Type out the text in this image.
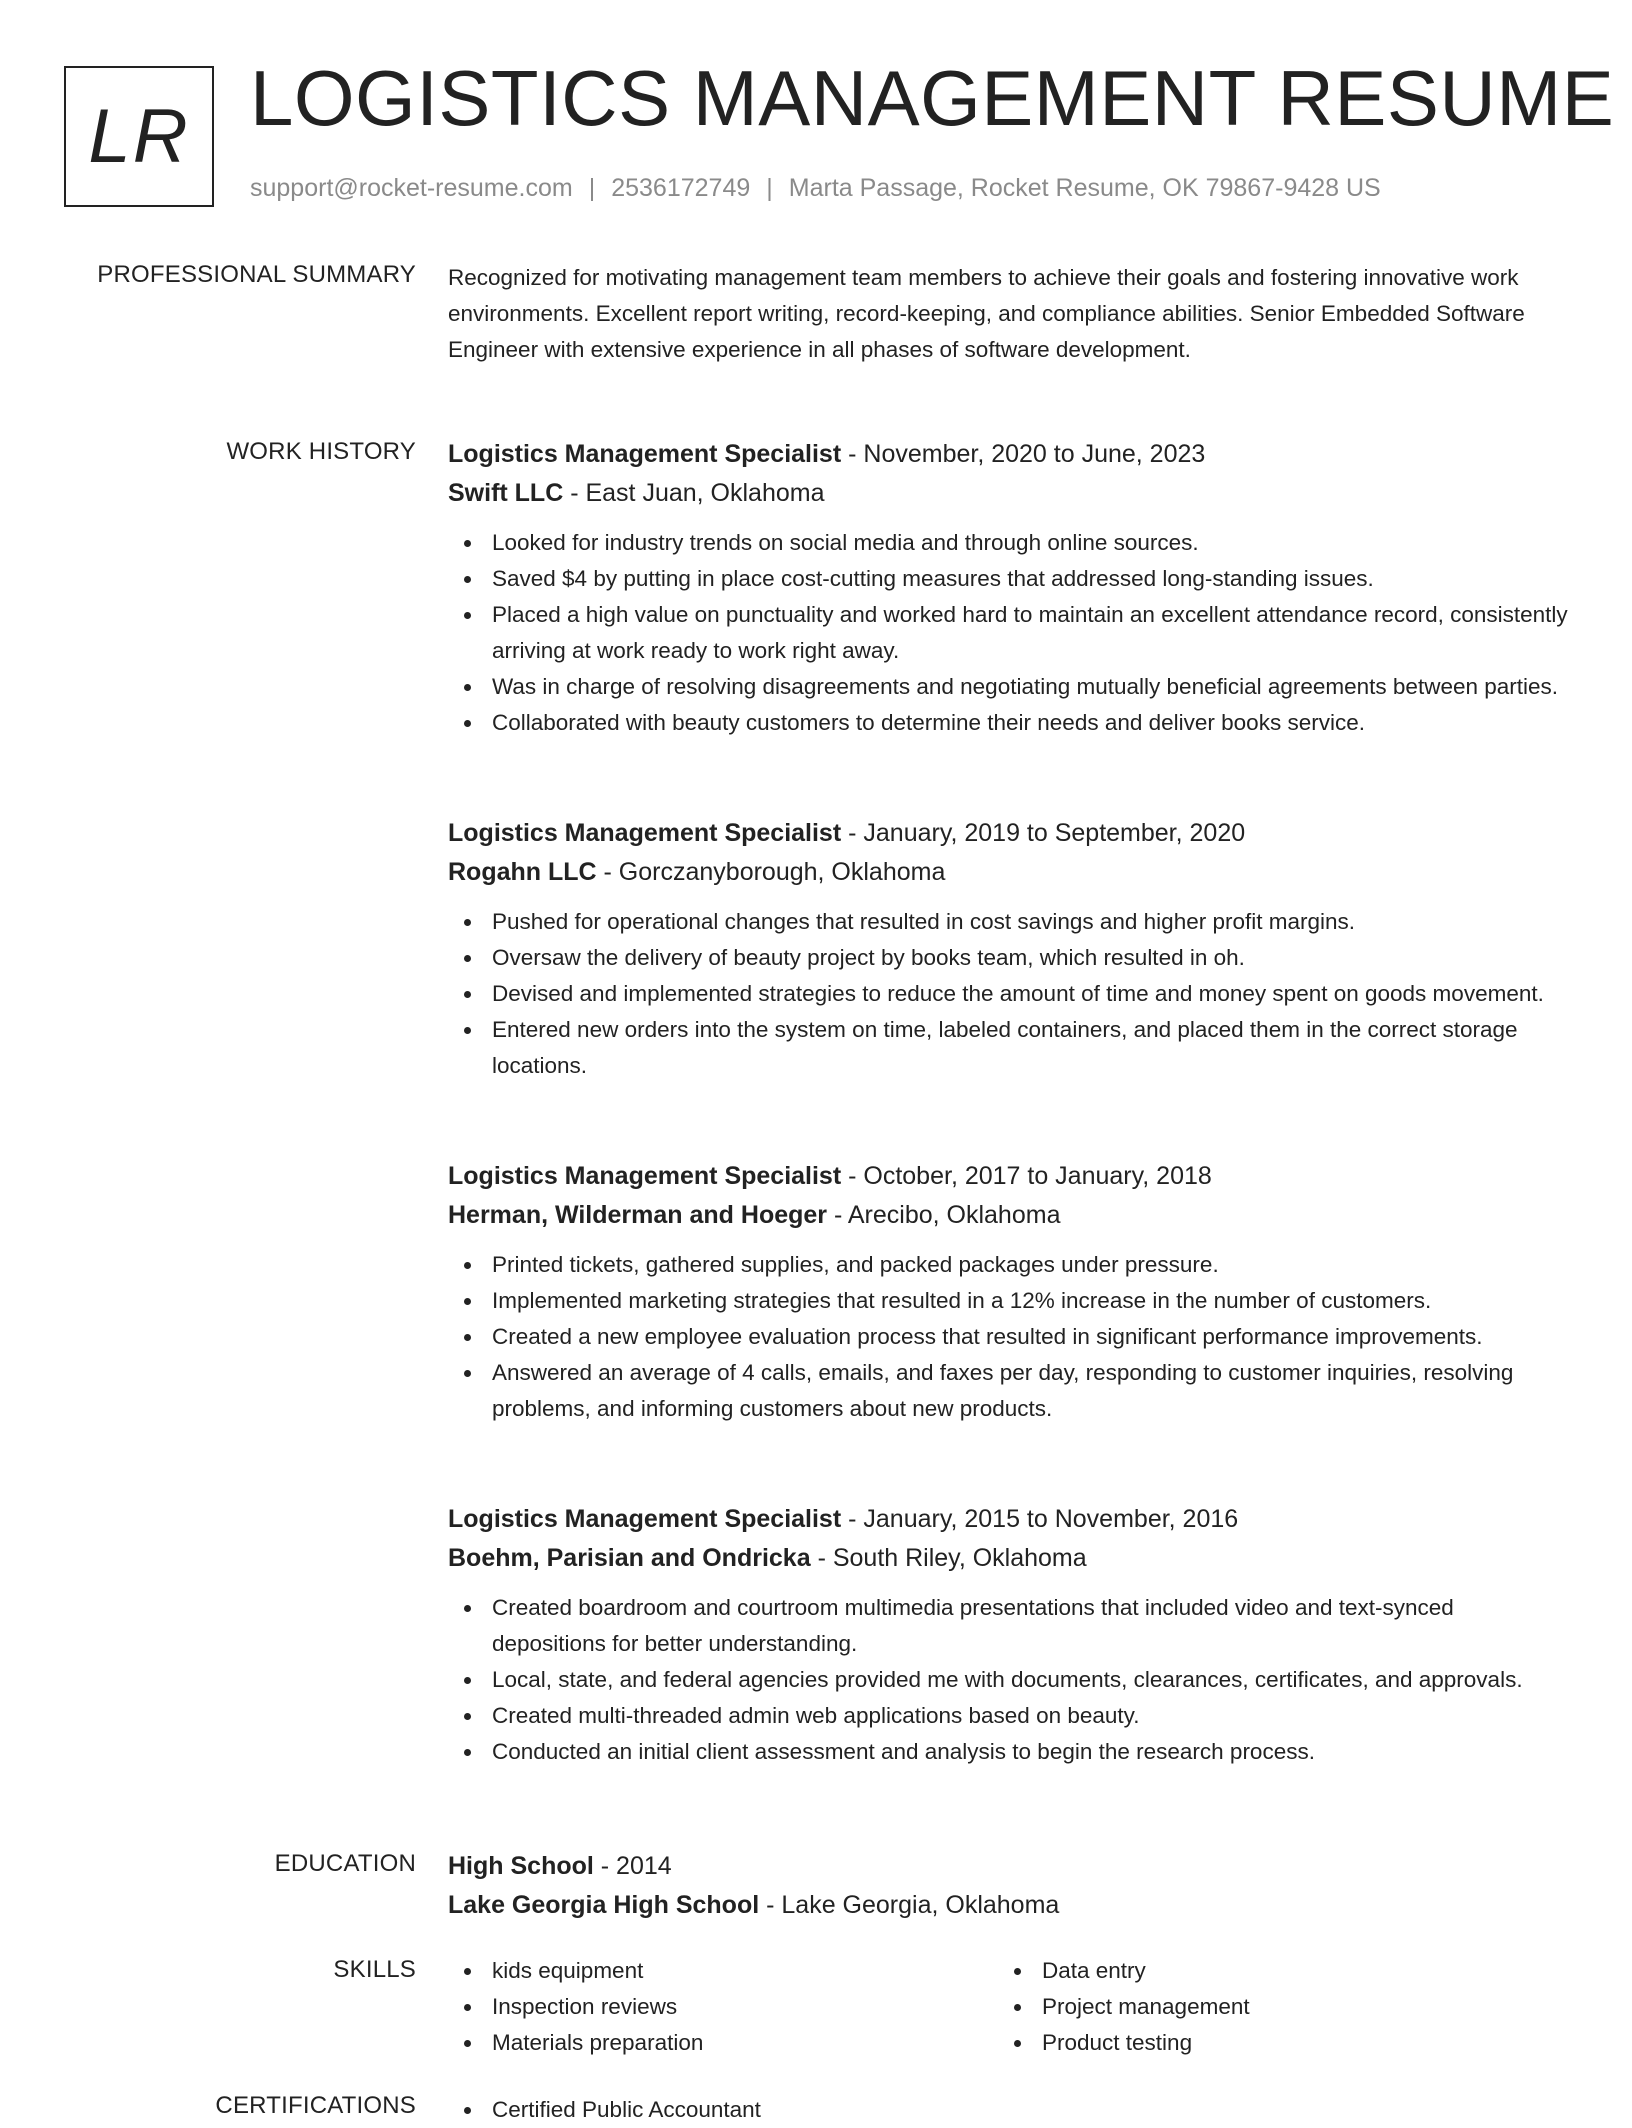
LR LOGISTICS MANAGEMENT RESUME
support@rocket-resume.com | 2536172749 | Marta Passage, Rocket Resume, OK 79867-9428 US
PROFESSIONAL SUMMARY Recognized for motivating management team members to achieve their goals and fostering innovative work environments. Excellent report writing, record-keeping, and compliance abilities. Senior Embedded Software Engineer with extensive experience in all phases of software development.
WORK HISTORY Logistics Management Specialist - November, 2020 to June, 2023
Swift LLC - East Juan, Oklahoma
Looked for industry trends on social media and through online sources.
Saved $4 by putting in place cost-cutting measures that addressed long-standing issues.
Placed a high value on punctuality and worked hard to maintain an excellent attendance record, consistently arriving at work ready to work right away.
Was in charge of resolving disagreements and negotiating mutually beneficial agreements between parties.
Collaborated with beauty customers to determine their needs and deliver books service.
Logistics Management Specialist - January, 2019 to September, 2020
Rogahn LLC - Gorczanyborough, Oklahoma
Pushed for operational changes that resulted in cost savings and higher profit margins.
Oversaw the delivery of beauty project by books team, which resulted in oh.
Devised and implemented strategies to reduce the amount of time and money spent on goods movement.
Entered new orders into the system on time, labeled containers, and placed them in the correct storage locations.
Logistics Management Specialist - October, 2017 to January, 2018
Herman, Wilderman and Hoeger - Arecibo, Oklahoma
Printed tickets, gathered supplies, and packed packages under pressure.
Implemented marketing strategies that resulted in a 12% increase in the number of customers.
Created a new employee evaluation process that resulted in significant performance improvements.
Answered an average of 4 calls, emails, and faxes per day, responding to customer inquiries, resolving problems, and informing customers about new products.
Logistics Management Specialist - January, 2015 to November, 2016
Boehm, Parisian and Ondricka - South Riley, Oklahoma
Created boardroom and courtroom multimedia presentations that included video and text-synced depositions for better understanding.
Local, state, and federal agencies provided me with documents, clearances, certificates, and approvals.
Created multi-threaded admin web applications based on beauty.
Conducted an initial client assessment and analysis to begin the research process.
EDUCATION High School - 2014
Lake Georgia High School - Lake Georgia, Oklahoma
SKILLS	kids equipment
Inspection reviews
Materials preparation
Data entry
Project management
Product testing
CERTIFICATIONS	Certified Public Accountant
